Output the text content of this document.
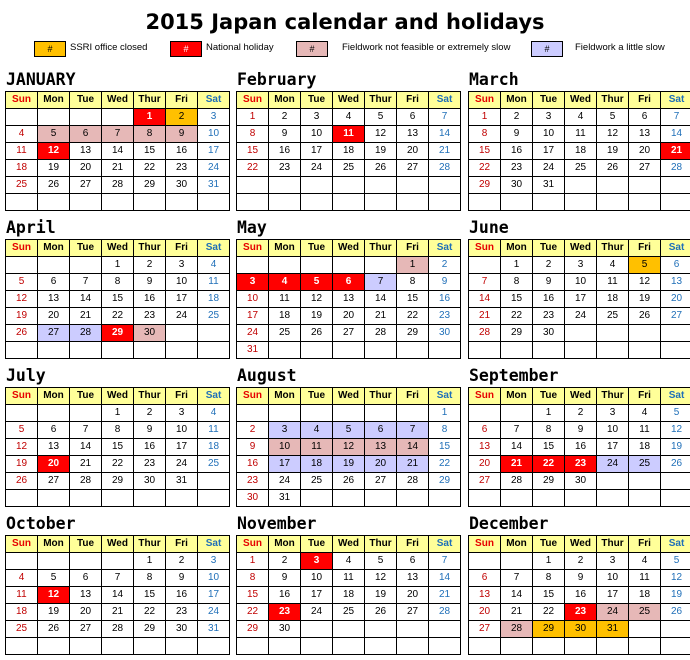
2015 Japan calendar and holidays
#	SSRI office closed	#	National holiday	#	Fieldwork not feasible or extremely slow	#	Fieldwork a little slow
JANUARY
Sun	Mon	Tue	Wed	Thur	Fri	Sat
				1	2	3
4	5	6	7	8	9	10
11	12	13	14	15	16	17
18	19	20	21	22	23	24
25	26	27	28	29	30	31

February
Sun	Mon	Tue	Wed	Thur	Fri	Sat
1	2	3	4	5	6	7
8	9	10	11	12	13	14
15	16	17	18	19	20	21
22	23	24	25	26	27	28

March
Sun	Mon	Tue	Wed	Thur	Fri	Sat
1	2	3	4	5	6	7
8	9	10	11	12	13	14
15	16	17	18	19	20	21
22	23	24	25	26	27	28
29	30	31				

April
Sun	Mon	Tue	Wed	Thur	Fri	Sat
			1	2	3	4
5	6	7	8	9	10	11
12	13	14	15	16	17	18
19	20	21	22	23	24	25
26	27	28	29	30		

May
Sun	Mon	Tue	Wed	Thur	Fri	Sat
					1	2
3	4	5	6	7	8	9
10	11	12	13	14	15	16
17	18	19	20	21	22	23
24	25	26	27	28	29	30
31						
June
Sun	Mon	Tue	Wed	Thur	Fri	Sat
	1	2	3	4	5	6
7	8	9	10	11	12	13
14	15	16	17	18	19	20
21	22	23	24	25	26	27
28	29	30				

July
Sun	Mon	Tue	Wed	Thur	Fri	Sat
			1	2	3	4
5	6	7	8	9	10	11
12	13	14	15	16	17	18
19	20	21	22	23	24	25
26	27	28	29	30	31	

August
Sun	Mon	Tue	Wed	Thur	Fri	Sat
						1
2	3	4	5	6	7	8
9	10	11	12	13	14	15
16	17	18	19	20	21	22
23	24	25	26	27	28	29
30	31					
September
Sun	Mon	Tue	Wed	Thur	Fri	Sat
		1	2	3	4	5
6	7	8	9	10	11	12
13	14	15	16	17	18	19
20	21	22	23	24	25	26
27	28	29	30			

October
Sun	Mon	Tue	Wed	Thur	Fri	Sat
				1	2	3
4	5	6	7	8	9	10
11	12	13	14	15	16	17
18	19	20	21	22	23	24
25	26	27	28	29	30	31

November
Sun	Mon	Tue	Wed	Thur	Fri	Sat
1	2	3	4	5	6	7
8	9	10	11	12	13	14
15	16	17	18	19	20	21
22	23	24	25	26	27	28
29	30					

December
Sun	Mon	Tue	Wed	Thur	Fri	Sat
		1	2	3	4	5
6	7	8	9	10	11	12
13	14	15	16	17	18	19
20	21	22	23	24	25	26
27	28	29	30	31		
